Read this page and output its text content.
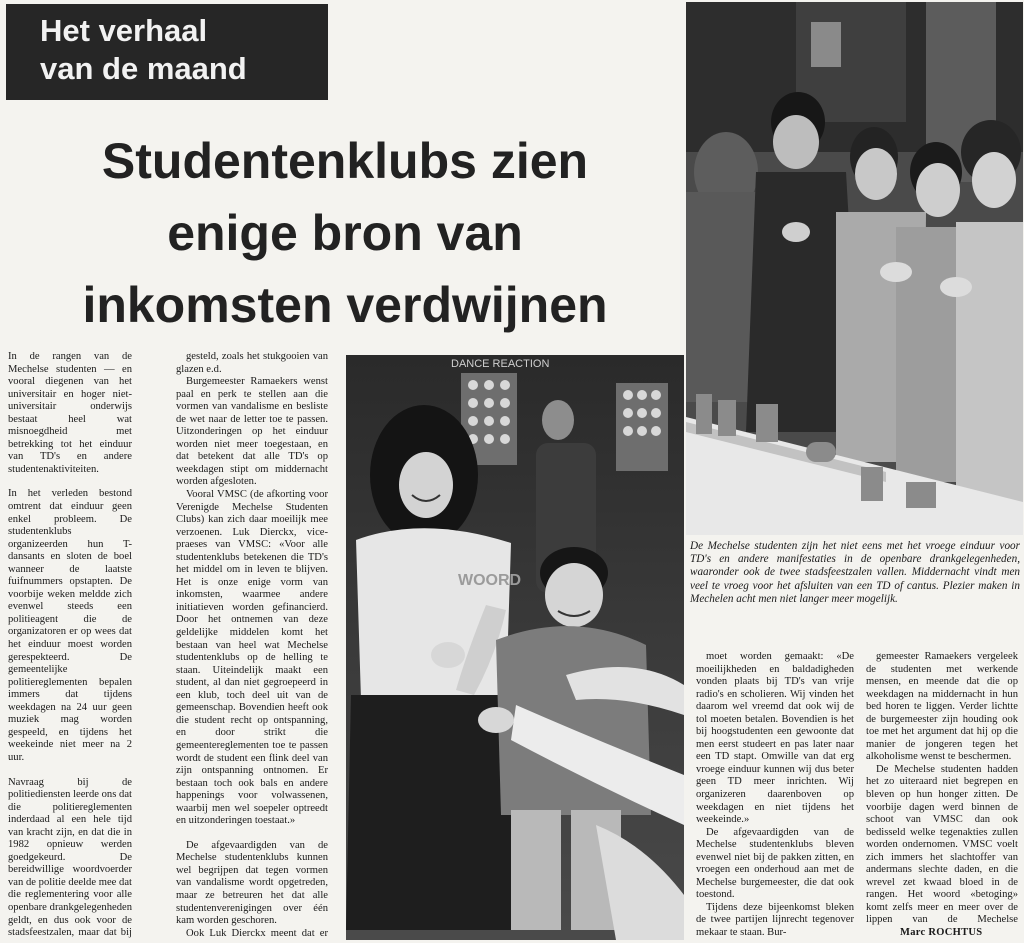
Het verhaal
van de maand
Studentenklubs zien
enige bron van
inkomsten verdwijnen

In de rangen van de Mechelse studenten — en vooral diegenen van het universitair en hoger niet-universitair onderwijs bestaat heel wat misnoegdheid met betrekking tot het einduur van TD's en andere studentenaktiviteiten.

In het verleden bestond omtrent dat einduur geen enkel probleem. De studentenklubs organizeerden hun T-dansants en sloten de boel wanneer de laatste fuifnummers opstapten. De voorbije weken meldde zich evenwel steeds een politieagent die de organizatoren er op wees dat het einduur moest worden gerespekteerd. De gemeentelijke politiereglementen bepalen immers dat tijdens weekdagen na 24 uur geen muziek mag worden gespeeld, en tijdens het weekeinde niet meer na 2 uur.

Navraag bij de politiediensten leerde ons dat die politiereglementen inderdaad al een hele tijd van kracht zijn, en dat die in 1982 opnieuw werden goedgekeurd. De bereidwillige woordvoerder van de politie deelde mee dat die reglementering voor alle openbare drankgelegenheden geldt, en dus ook voor de stadsfeestzalen, maar dat bij

gesteld, zoals het stukgooien van glazen e.d.

Burgemeester Ramaekers wenst paal en perk te stellen aan die vormen van vandalisme en besliste de wet naar de letter toe te passen. Uitzonderingen op het einduur worden niet meer toegestaan, en dat betekent dat alle TD's op weekdagen stipt om middernacht worden afgesloten.

Vooral VMSC (de afkorting voor Verenigde Mechelse Studenten Clubs) kan zich daar moeilijk mee verzoenen. Luk Dierckx, vice-praeses van VMSC: «Voor alle studentenklubs betekenen die TD's het middel om in leven te blijven. Het is onze enige vorm van inkomsten, waarmee andere initiatieven worden gefinancierd. Door het ontnemen van deze geldelijke middelen komt het bestaan van heel wat Mechelse studentenklubs op de helling te staan. Uiteindelijk maakt een student, al dan niet gegroepeerd in een klub, toch deel uit van de gemeenschap. Bovendien heeft ook die student recht op ontspanning, en door strikt die gemeentereglementen toe te passen wordt de student een flink deel van zijn ontspanning ontnomen. Er bestaan toch ook bals en andere happenings voor volwassenen, waarbij men wel soepeler optreedt en uitzonderingen toestaat.»

De afgevaardigden van de Mechelse studentenklubs kunnen wel begrijpen dat tegen vormen van vandalisme wordt opgetreden, maar ze betreuren het dat alle studentenverenigingen over één kam worden geschoren.

Ook Luk Dierckx meent dat er

DANCE REACTION
WOORD
De Mechelse studenten zijn het niet eens met het vroege einduur voor TD's en andere manifestaties in de openbare drankgelegenheden, waaronder ook de twee stadsfeestzalen vallen. Middernacht vindt men veel te vroeg voor het afsluiten van een TD of cantus. Plezier maken in Mechelen acht men niet langer meer mogelijk.

moet worden gemaakt: «De moeilijkheden en baldadigheden vonden plaats bij TD's van vrije radio's en scholieren. Wij vinden het daarom wel vreemd dat ook wij de tol moeten betalen. Bovendien is het bij hoogstudenten een gewoonte dat men eerst studeert en pas later naar een TD stapt. Omwille van dat erg vroege einduur kunnen wij dus beter geen TD meer inrichten. Wij organizeren daarenboven op weekdagen en niet tijdens het weekeinde.»

De afgevaardigden van de Mechelse studentenklubs bleven evenwel niet bij de pakken zitten, en vroegen een onderhoud aan met de Mechelse burgemeester, die dat ook toestond.

Tijdens deze bijeenkomst bleken de twee partijen lijnrecht tegenover mekaar te staan. Bur-

gemeester Ramaekers vergeleek de studenten met werkende mensen, en meende dat die op weekdagen na middernacht in hun bed horen te liggen. Verder lichtte de burgemeester zijn houding ook toe met het argument dat hij op die manier de jongeren tegen het alkoholisme wenst te beschermen.

De Mechelse studenten hadden het zo uiteraard niet begrepen en bleven op hun honger zitten. De voorbije dagen werd binnen de schoot van VMSC dan ook bedisseld welke tegenakties zullen worden ondernomen. VMSC voelt zich immers het slachtoffer van andermans slechte daden, en die wrevel zet kwaad bloed in de rangen. Het woord «betoging» komt zelfs meer en meer over de lippen van de Mechelse

Marc ROCHTUS
